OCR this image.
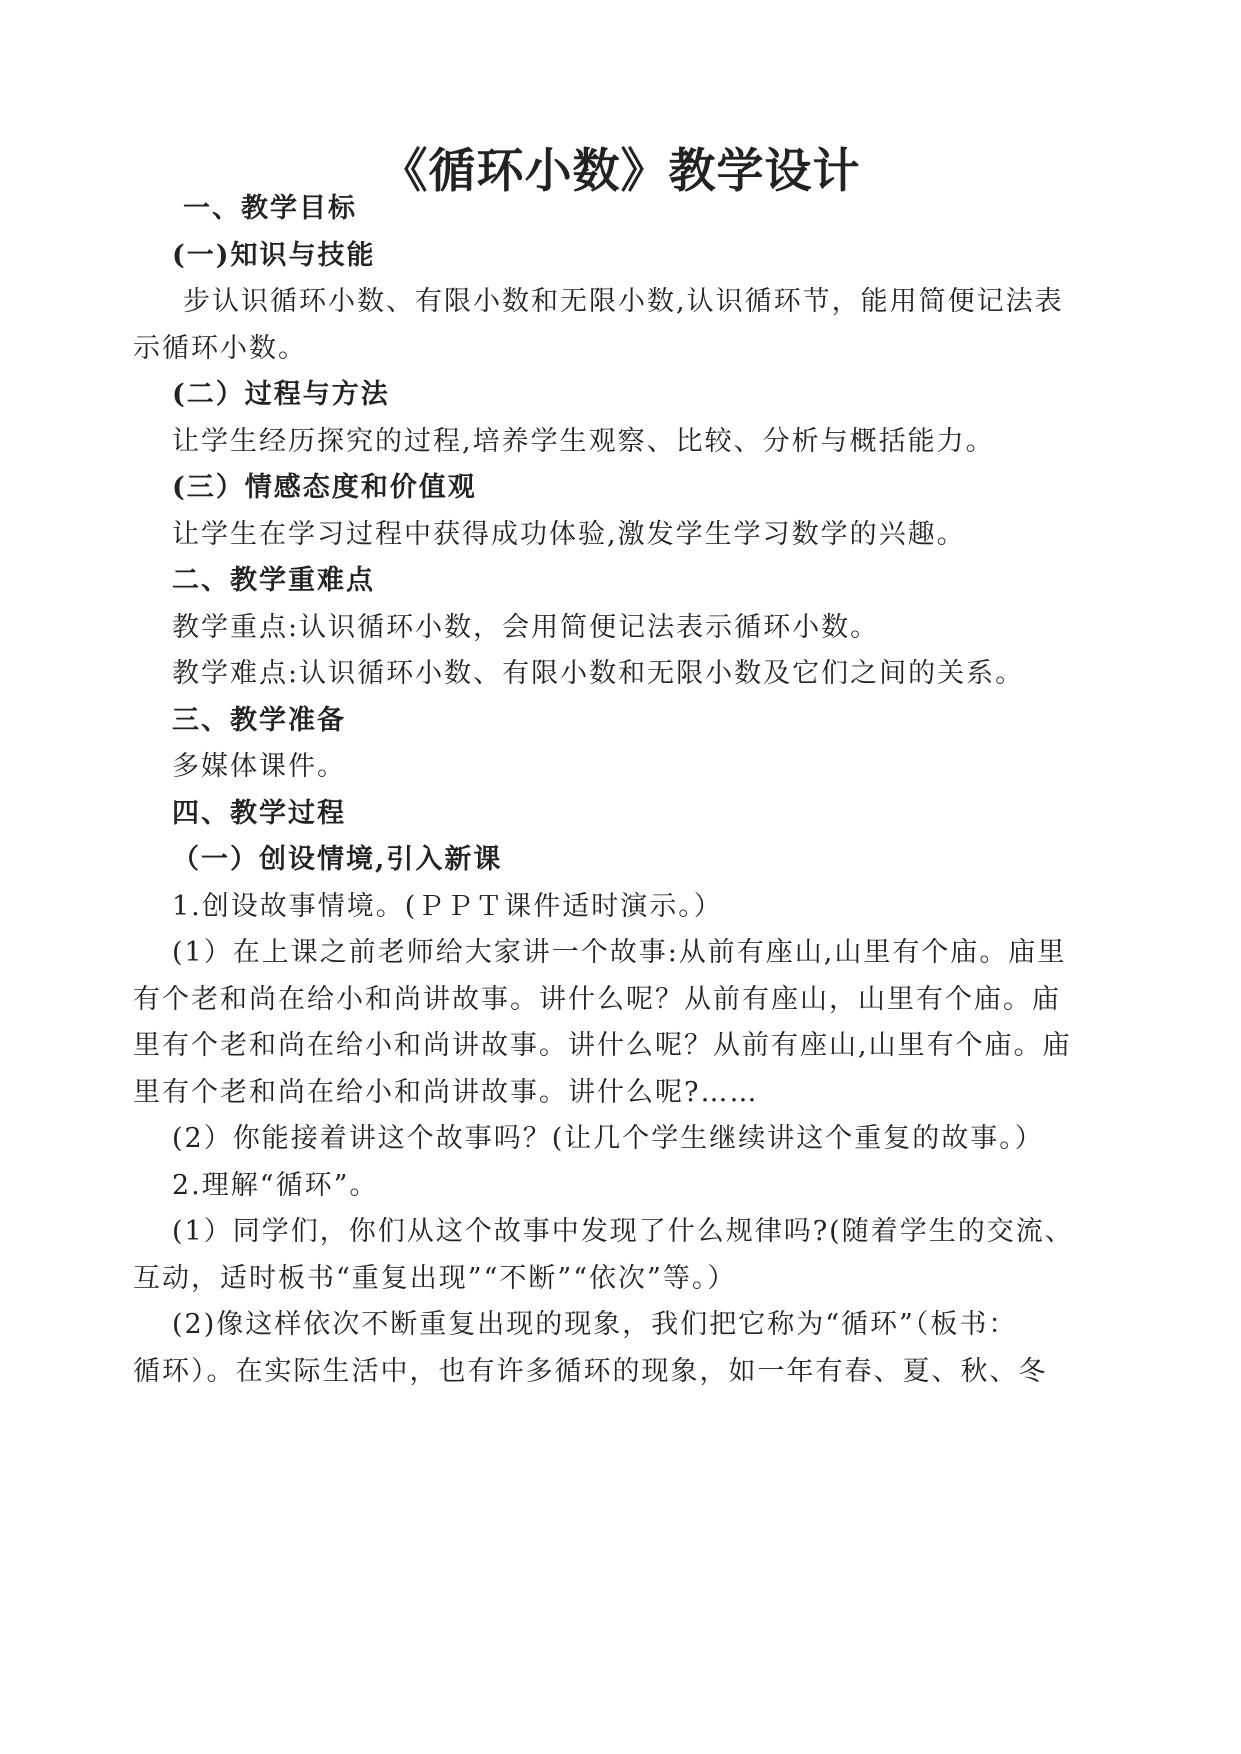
《循环小数》教学设计
一、教学目标
(一)知识与技能
步认识循环小数、有限小数和无限小数,认识循环节，能用简便记法表
示循环小数。
(二）过程与方法
让学生经历探究的过程,培养学生观察、比较、分析与概括能力。
(三）情感态度和价值观
让学生在学习过程中获得成功体验,激发学生学习数学的兴趣。
二、教学重难点
教学重点:认识循环小数，会用简便记法表示循环小数。
教学难点:认识循环小数、有限小数和无限小数及它们之间的关系。
三、教学准备
多媒体课件。
四、教学过程
（一）创设情境,引入新课
1.创设故事情境。(ＰＰＴ课件适时演示。）
(1）在上课之前老师给大家讲一个故事:从前有座山,山里有个庙。庙里
有个老和尚在给小和尚讲故事。讲什么呢？从前有座山，山里有个庙。庙
里有个老和尚在给小和尚讲故事。讲什么呢？从前有座山,山里有个庙。庙
里有个老和尚在给小和尚讲故事。讲什么呢?……
(2）你能接着讲这个故事吗？(让几个学生继续讲这个重复的故事。）
2.理解“循环”。
(1）同学们，你们从这个故事中发现了什么规律吗?(随着学生的交流、
互动，适时板书“重复出现”“不断”“依次”等。）
(2)像这样依次不断重复出现的现象，我们把它称为“循环”（板书：
循环）。在实际生活中，也有许多循环的现象，如一年有春、夏、秋、冬
